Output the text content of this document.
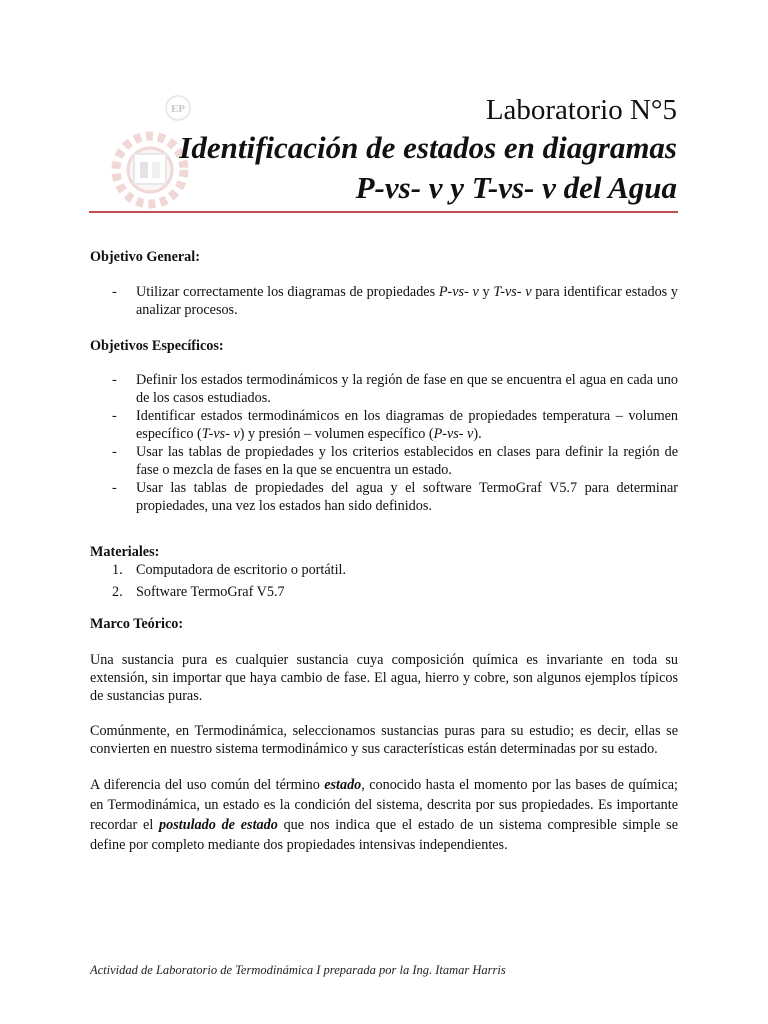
EP	Laboratorio N°5
Identificación de estados en diagramas
P-vs- v y T-vs- v del Agua

Objetivo General:

- Utilizar correctamente los diagramas de propiedades P-vs- v y T-vs- v para identificar estados y analizar procesos.

Objetivos Específicos:

- Definir los estados termodinámicos y la región de fase en que se encuentra el agua en cada uno de los casos estudiados.
- Identificar estados termodinámicos en los diagramas de propiedades temperatura – volumen específico (T-vs- v) y presión – volumen específico (P-vs- v).
- Usar las tablas de propiedades y los criterios establecidos en clases para definir la región de fase o mezcla de fases en la que se encuentra un estado.
- Usar las tablas de propiedades del agua y el software TermoGraf V5.7 para determinar propiedades, una vez los estados han sido definidos.

Materiales:

1. Computadora de escritorio o portátil.
2. Software TermoGraf V5.7

Marco Teórico:

Una sustancia pura es cualquier sustancia cuya composición química es invariante en toda su extensión, sin importar que haya cambio de fase. El agua, hierro y cobre, son algunos ejemplos típicos de sustancias puras.

Comúnmente, en Termodinámica, seleccionamos sustancias puras para su estudio; es decir, ellas se convierten en nuestro sistema termodinámico y sus características están determinadas por su estado.

A diferencia del uso común del término estado, conocido hasta el momento por las bases de química; en Termodinámica, un estado es la condición del sistema, descrita por sus propiedades. Es importante recordar el postulado de estado que nos indica que el estado de un sistema compresible simple se define por completo mediante dos propiedades intensivas independientes.

Actividad de Laboratorio de Termodinámica I preparada por la Ing. Itamar Harris
